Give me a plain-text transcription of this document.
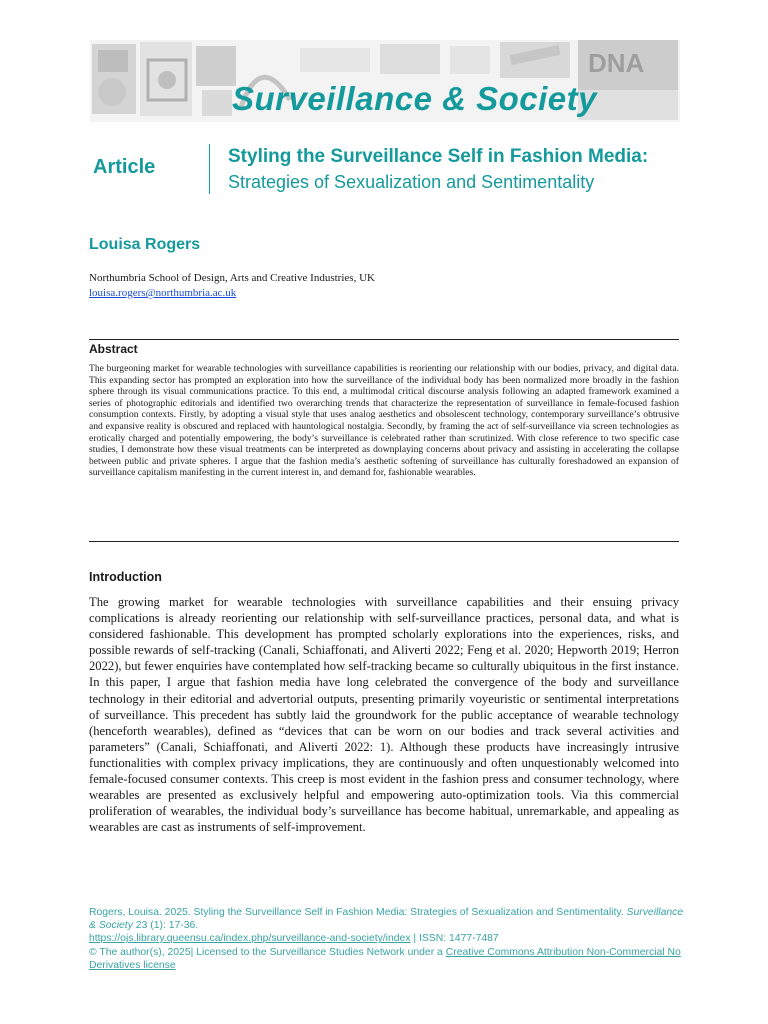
DNA
Surveillance & Society
Article	Styling the Surveillance Self in Fashion Media:

Strategies of Sexualization and Sentimentality

Louisa Rogers

Northumbria School of Design, Arts and Creative Industries, UK

louisa.rogers@northumbria.ac.uk
Abstract

The burgeoning market for wearable technologies with surveillance capabilities is reorienting our relationship with our bodies, privacy, and digital data. This expanding sector has prompted an exploration into how the surveillance of the individual body has been normalized more broadly in the fashion sphere through its visual communications practice. To this end, a multimodal critical discourse analysis following an adapted framework examined a series of photographic editorials and identified two overarching trends that characterize the representation of surveillance in female-focused fashion consumption contexts. Firstly, by adopting a visual style that uses analog aesthetics and obsolescent technology, contemporary surveillance’s obtrusive and expansive reality is obscured and replaced with hauntological nostalgia. Secondly, by framing the act of self-surveillance via screen technologies as erotically charged and potentially empowering, the body’s surveillance is celebrated rather than scrutinized. With close reference to two specific case studies, I demonstrate how these visual treatments can be interpreted as downplaying concerns about privacy and assisting in accelerating the collapse between public and private spheres. I argue that the fashion media’s aesthetic softening of surveillance has culturally foreshadowed an expansion of surveillance capitalism manifesting in the current interest in, and demand for, fashionable wearables.

Introduction

The growing market for wearable technologies with surveillance capabilities and their ensuing privacy complications is already reorienting our relationship with self-surveillance practices, personal data, and what is considered fashionable. This development has prompted scholarly explorations into the experiences, risks, and possible rewards of self-tracking (Canali, Schiaffonati, and Aliverti 2022; Feng et al. 2020; Hepworth 2019; Herron 2022), but fewer enquiries have contemplated how self-tracking became so culturally ubiquitous in the first instance. In this paper, I argue that fashion media have long celebrated the convergence of the body and surveillance technology in their editorial and advertorial outputs, presenting primarily voyeuristic or sentimental interpretations of surveillance. This precedent has subtly laid the groundwork for the public acceptance of wearable technology (henceforth wearables), defined as “devices that can be worn on our bodies and track several activities and parameters” (Canali, Schiaffonati, and Aliverti 2022: 1). Although these products have increasingly intrusive functionalities with complex privacy implications, they are continuously and often unquestionably welcomed into female-focused consumer contexts. This creep is most evident in the fashion press and consumer technology, where wearables are presented as exclusively helpful and empowering auto-optimization tools. Via this commercial proliferation of wearables, the individual body’s surveillance has become habitual, unremarkable, and appealing as wearables are cast as instruments of self-improvement.

Rogers, Louisa. 2025. Styling the Surveillance Self in Fashion Media: Strategies of Sexualization and Sentimentality. Surveillance & Society 23 (1): 17-36.

https://ojs.library.queensu.ca/index.php/surveillance-and-society/index | ISSN: 1477-7487

© The author(s), 2025| Licensed to the Surveillance Studies Network under a Creative Commons Attribution Non-Commercial No Derivatives license
